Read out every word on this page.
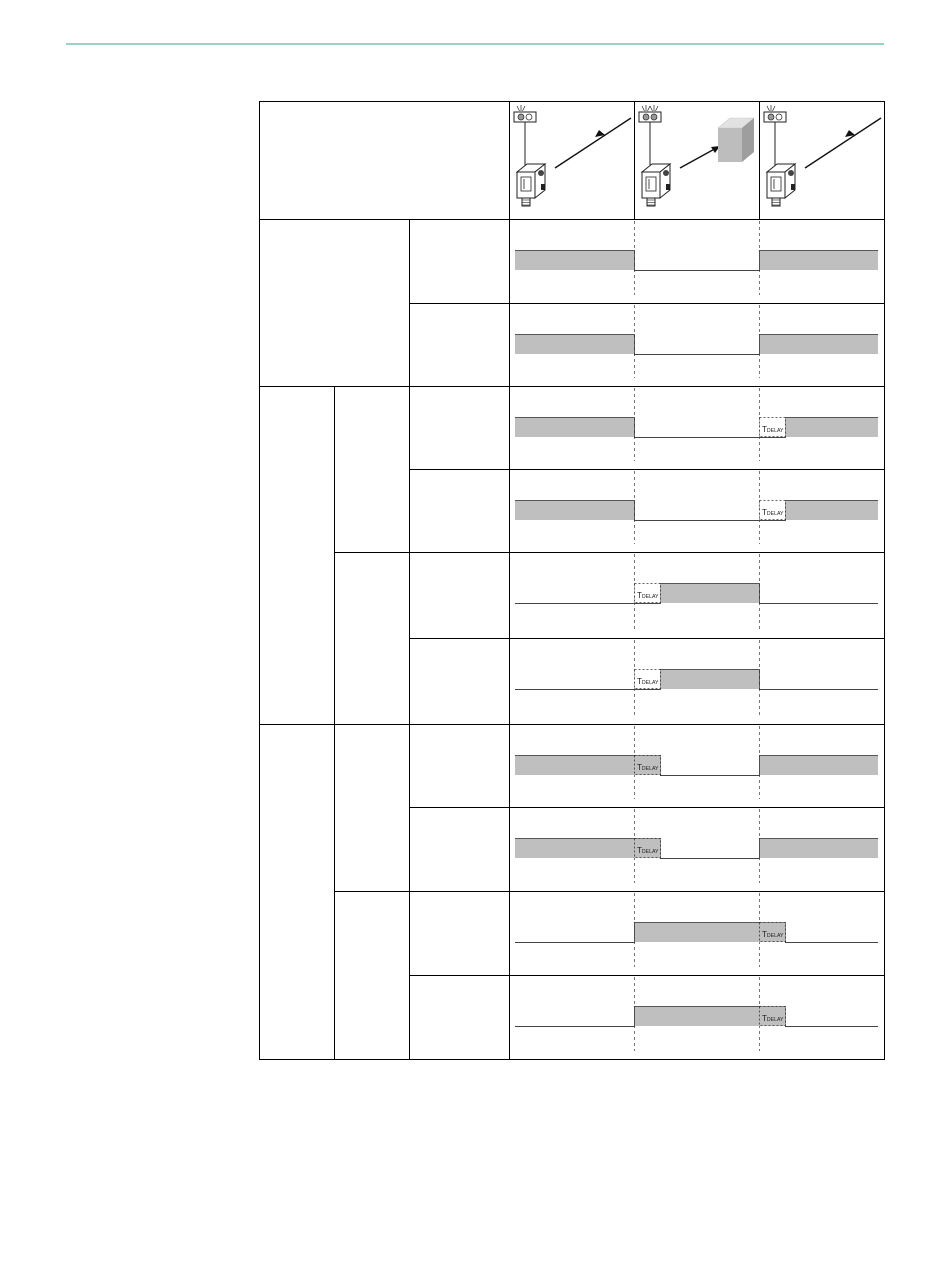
TDELAY
TDELAY
TDELAY
TDELAY
TDELAY
TDELAY
TDELAY
TDELAY
